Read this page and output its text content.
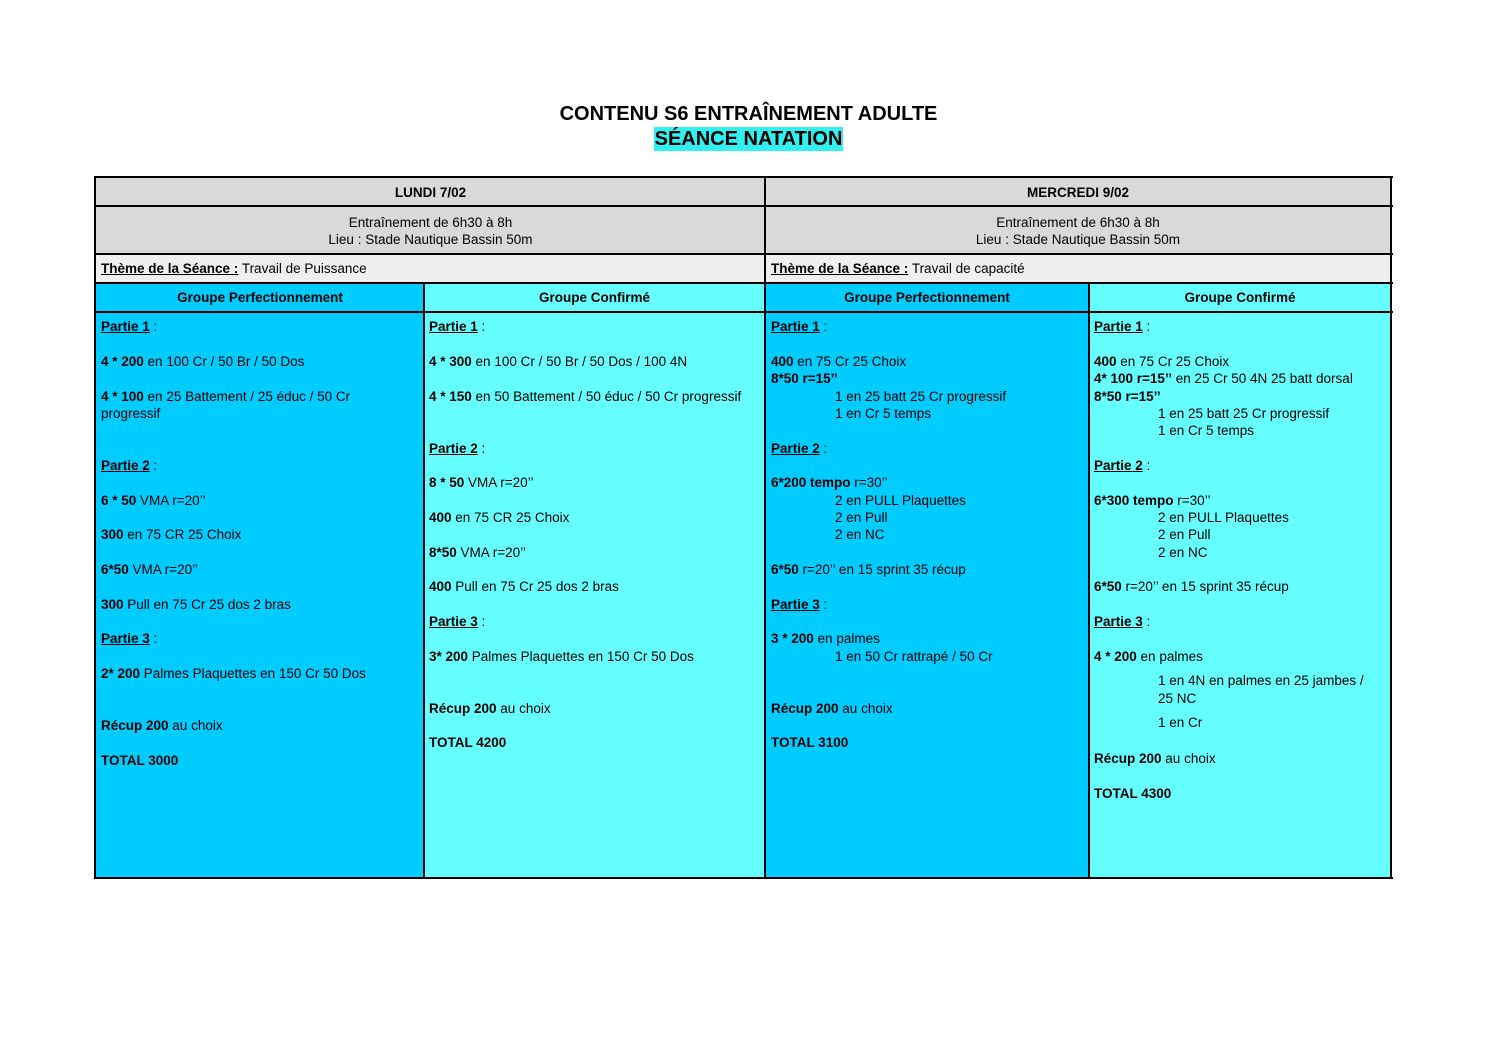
CONTENU S6 ENTRAÎNEMENT ADULTE
SÉANCE NATATION
LUNDI 7/02	MERCREDI 9/02
Entraînement de 6h30 à 8h
Lieu : Stade Nautique Bassin 50m
Entraînement de 6h30 à 8h
Lieu : Stade Nautique Bassin 50m
Thème de la Séance : Travail de Puissance	Thème de la Séance : Travail de capacité
Groupe Perfectionnement	Groupe Confirmé	Groupe Perfectionnement	Groupe Confirmé
Partie 1 :
4 * 200 en 100 Cr / 50 Br / 50 Dos
4 * 100 en 25 Battement / 25 éduc / 50 Cr
progressif
Partie 2 :
6 * 50 VMA r=20’’
300 en 75 CR 25 Choix
6*50 VMA r=20’’
300 Pull en 75 Cr 25 dos 2 bras
Partie 3 :
2* 200 Palmes Plaquettes en 150 Cr 50 Dos
Récup 200 au choix
TOTAL 3000
Partie 1 :
4 * 300 en 100 Cr / 50 Br / 50 Dos / 100 4N
4 * 150 en 50 Battement / 50 éduc / 50 Cr progressif
Partie 2 :
8 * 50 VMA r=20’’
400 en 75 CR 25 Choix
8*50 VMA r=20’’
400 Pull en 75 Cr 25 dos 2 bras
Partie 3 :
3* 200 Palmes Plaquettes en 150 Cr 50 Dos
Récup 200 au choix
TOTAL 4200
Partie 1 :
400 en 75 Cr 25 Choix
8*50 r=15’’
1 en 25 batt 25 Cr progressif
1 en Cr 5 temps
Partie 2 :
6*200 tempo r=30’’
2 en PULL Plaquettes
2 en Pull
2 en NC
6*50 r=20’’ en 15 sprint 35 récup
Partie 3 :
3 * 200 en palmes
1 en 50 Cr rattrapé / 50 Cr
Récup 200 au choix
TOTAL 3100
Partie 1 :
400 en 75 Cr 25 Choix
4* 100 r=15’’ en 25 Cr 50 4N 25 batt dorsal
8*50 r=15’’
1 en 25 batt 25 Cr progressif
1 en Cr 5 temps
Partie 2 :
6*300 tempo r=30’’
2 en PULL Plaquettes
2 en Pull
2 en NC
6*50 r=20’’ en 15 sprint 35 récup
Partie 3 :
4 * 200 en palmes
1 en 4N en palmes en 25 jambes /
25 NC
1 en Cr
Récup 200 au choix
TOTAL 4300
